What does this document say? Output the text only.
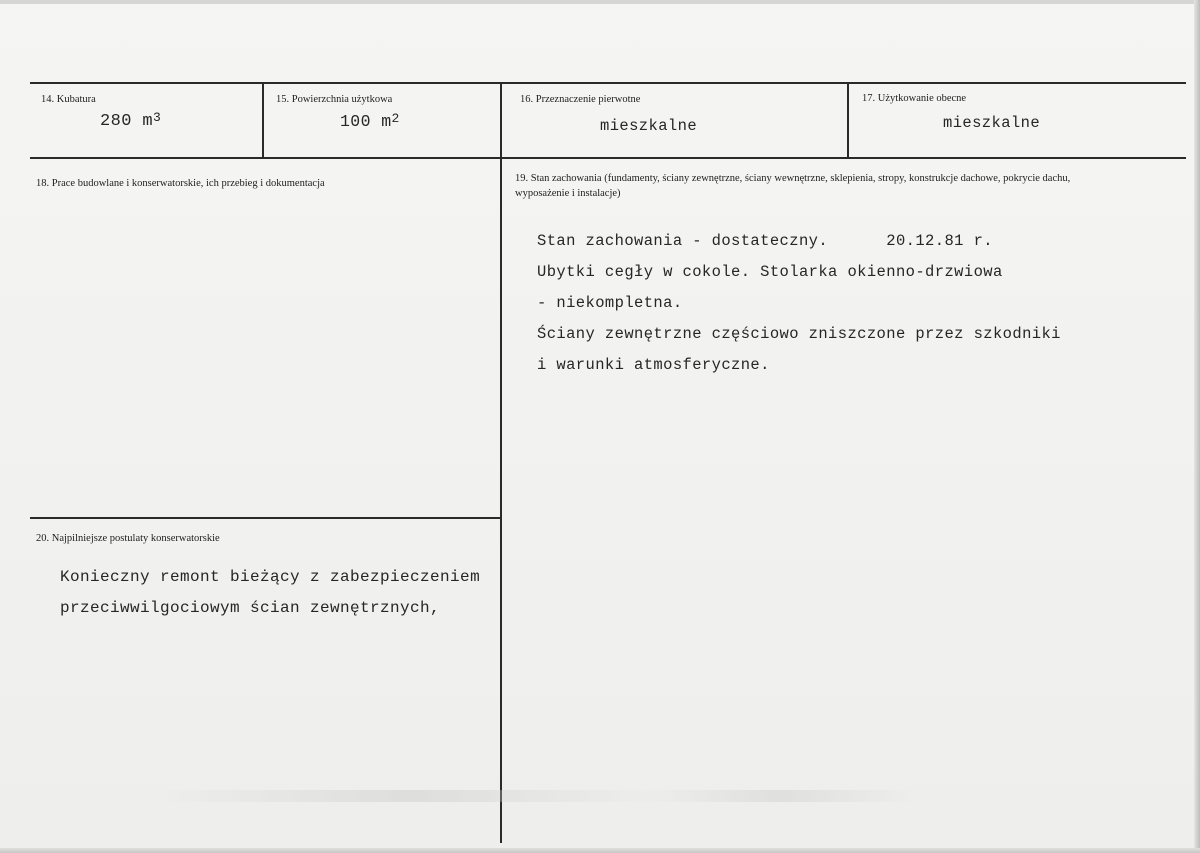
14. Kubatura
280 $m^3$
15. Powierzchnia użytkowa
100 $m^2$
16. Przeznaczenie pierwotne
mieszkalne
17. Użytkowanie obecne
mieszkalne
18. Prace budowlane i konserwatorskie, ich przebieg i dokumentacja	19. Stan zachowania (fundamenty, ściany zewnętrzne, ściany wewnętrzne, sklepienia, stropy, konstrukcje dachowe, pokrycie dachu, wyposażenie i instalacje)
Stan zachowania - dostateczny.      20.12.81 r.
Ubytki cegły w cokole. Stolarka okienno-drzwiowa
- niekompletna.
Ściany zewnętrzne częściowo zniszczone przez szkodniki
i warunki atmosferyczne.
20. Najpilniejsze postulaty konserwatorskie
Konieczny remont bieżący z zabezpieczeniem
przeciwwilgociowym ścian zewnętrznych,
